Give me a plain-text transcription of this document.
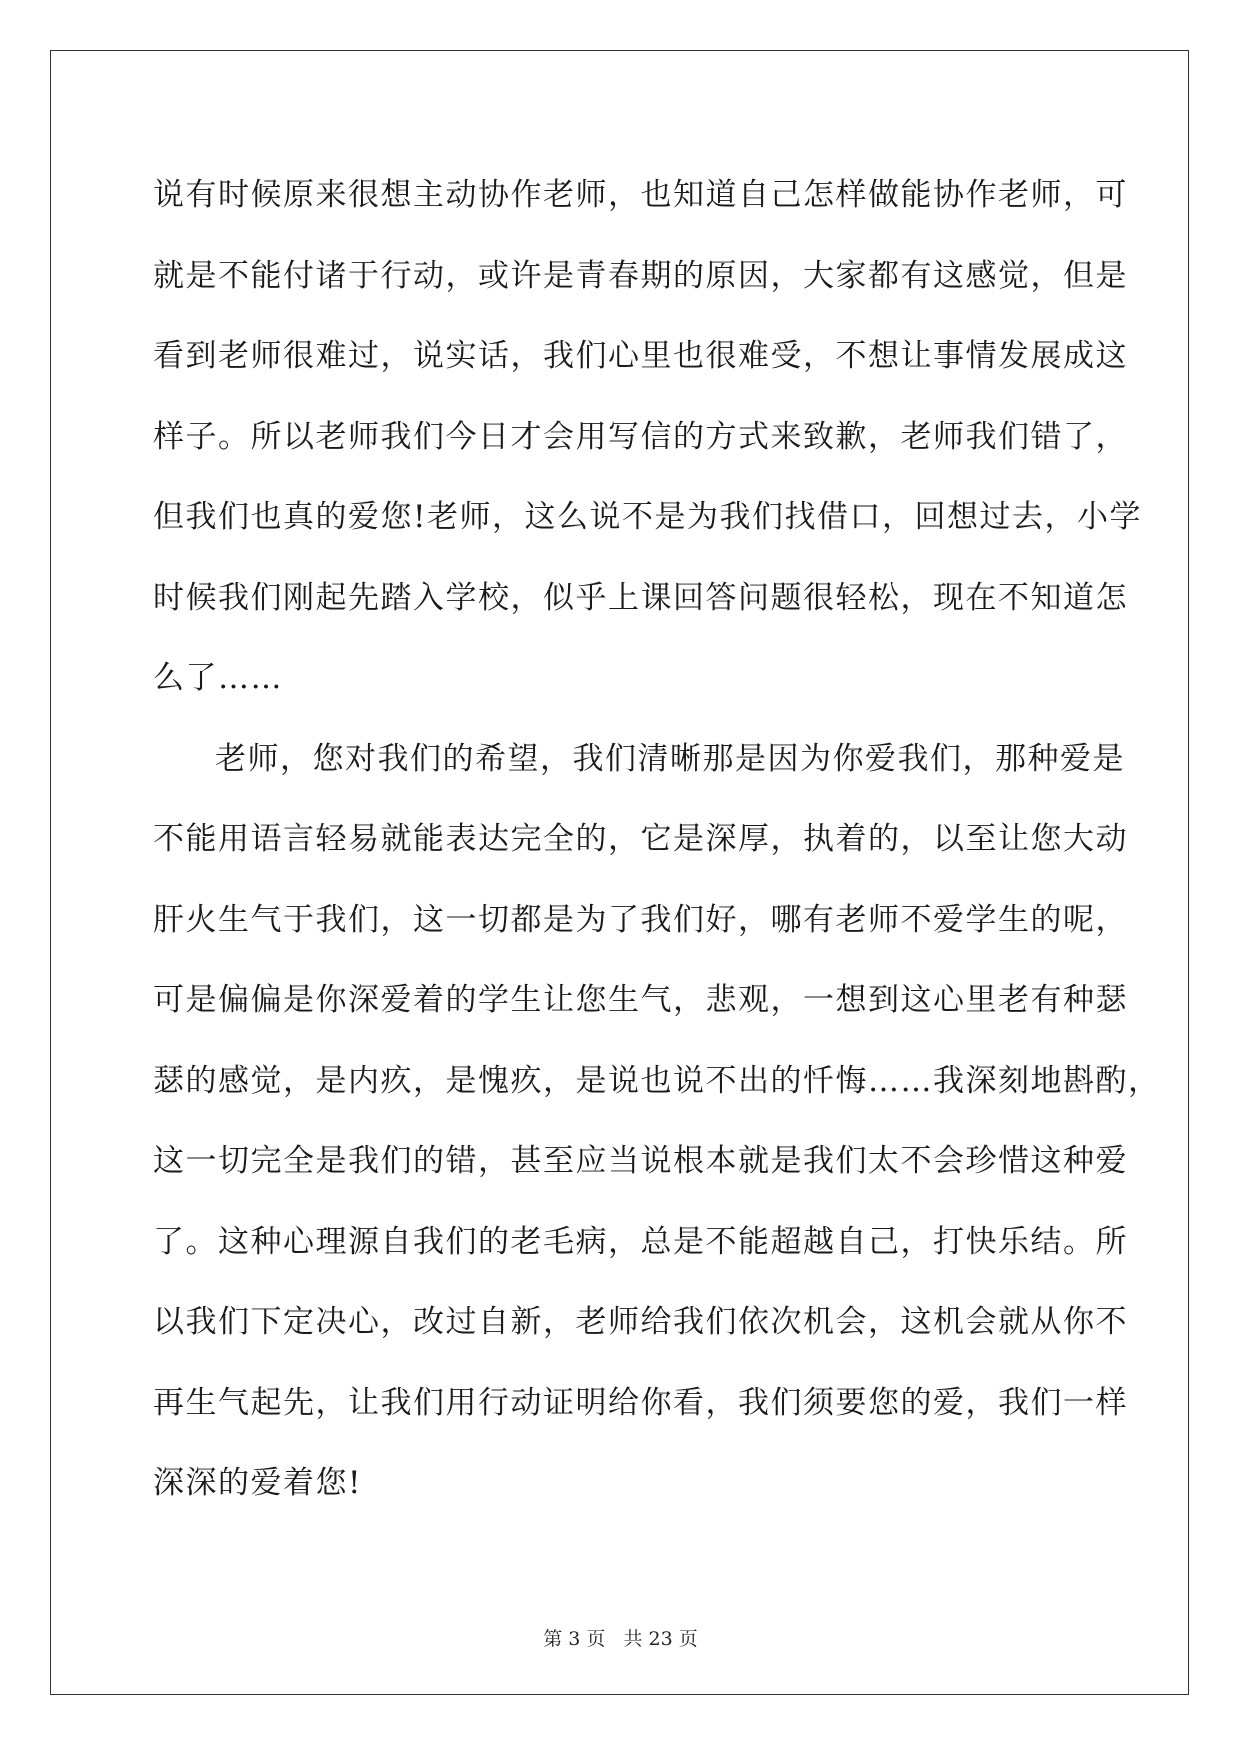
说有时候原来很想主动协作老师，也知道自己怎样做能协作老师，可
就是不能付诸于行动，或许是青春期的原因，大家都有这感觉，但是
看到老师很难过，说实话，我们心里也很难受，不想让事情发展成这
样子。所以老师我们今日才会用写信的方式来致歉，老师我们错了，
但我们也真的爱您!老师，这么说不是为我们找借口，回想过去，小学
时候我们刚起先踏入学校，似乎上课回答问题很轻松，现在不知道怎
么了……
老师，您对我们的希望，我们清晰那是因为你爱我们，那种爱是
不能用语言轻易就能表达完全的，它是深厚，执着的，以至让您大动
肝火生气于我们，这一切都是为了我们好，哪有老师不爱学生的呢，
可是偏偏是你深爱着的学生让您生气，悲观，一想到这心里老有种瑟
瑟的感觉，是内疚，是愧疚，是说也说不出的忏悔……我深刻地斟酌，
这一切完全是我们的错，甚至应当说根本就是我们太不会珍惜这种爱
了。这种心理源自我们的老毛病，总是不能超越自己，打快乐结。所
以我们下定决心，改过自新，老师给我们依次机会，这机会就从你不
再生气起先，让我们用行动证明给你看，我们须要您的爱，我们一样
深深的爱着您!
第 3 页 共 23 页
